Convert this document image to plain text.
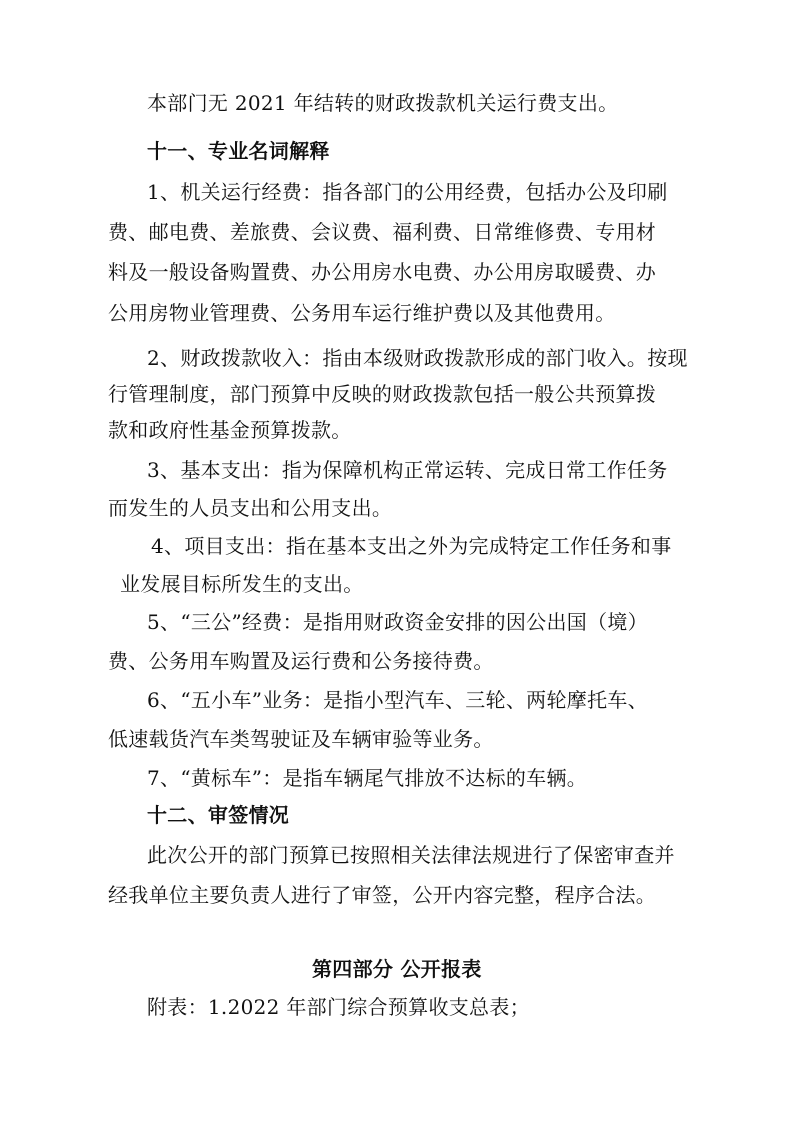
本部门无 2021 年结转的财政拨款机关运行费支出。
十一、专业名词解释
1、机关运行经费：指各部门的公用经费，包括办公及印刷
费、邮电费、差旅费、会议费、福利费、日常维修费、专用材
料及一般设备购置费、办公用房水电费、办公用房取暖费、办
公用房物业管理费、公务用车运行维护费以及其他费用。
2、财政拨款收入：指由本级财政拨款形成的部门收入。按现
行管理制度，部门预算中反映的财政拨款包括一般公共预算拨
款和政府性基金预算拨款。
3、基本支出：指为保障机构正常运转、完成日常工作任务
而发生的人员支出和公用支出。
4、项目支出：指在基本支出之外为完成特定工作任务和事
业发展目标所发生的支出。
5、“三公”经费：是指用财政资金安排的因公出国（境）
费、公务用车购置及运行费和公务接待费。
6、“五小车”业务：是指小型汽车、三轮、两轮摩托车、
低速载货汽车类驾驶证及车辆审验等业务。
7、“黄标车”：是指车辆尾气排放不达标的车辆。
十二、审签情况
此次公开的部门预算已按照相关法律法规进行了保密审查并
经我单位主要负责人进行了审签，公开内容完整，程序合法。
第四部分 公开报表
附表：1.2022 年部门综合预算收支总表；
